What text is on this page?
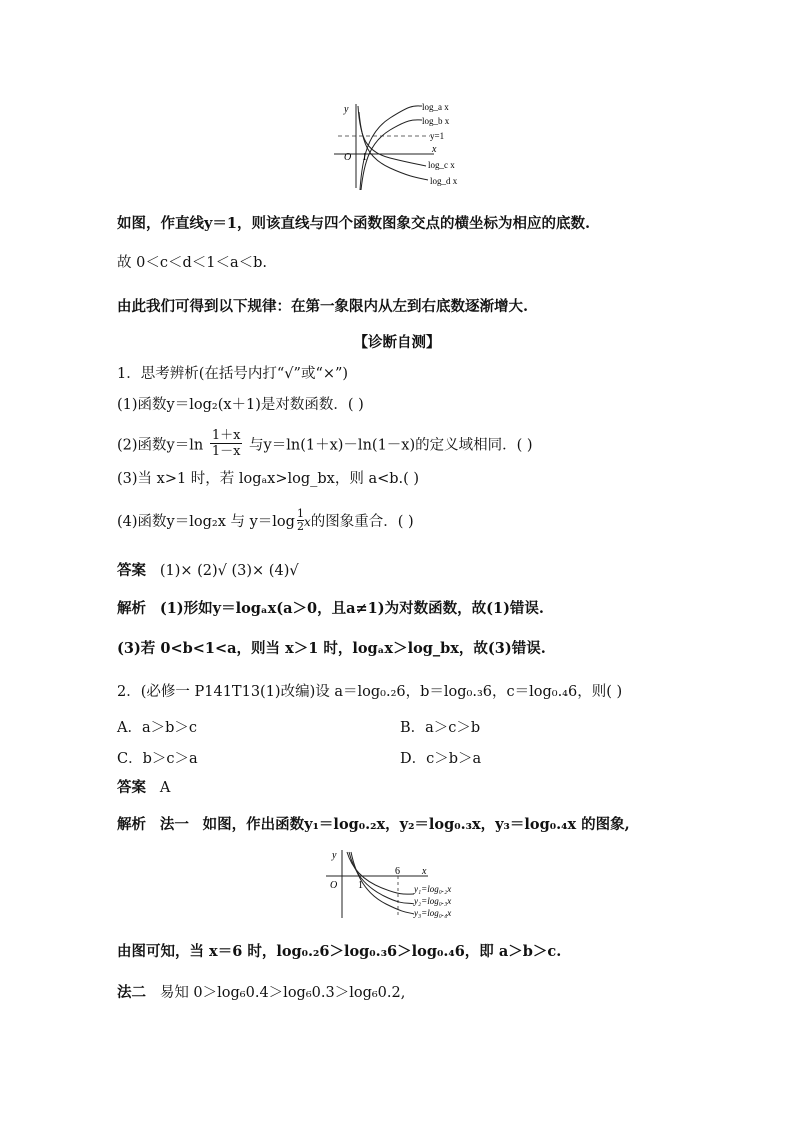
y
x
O 1
log_a x
log_b x
y=1
log_c x
log_d x
如图，作直线y＝1，则该直线与四个函数图象交点的横坐标为相应的底数.
故 0＜c＜d＜1＜a＜b.
由此我们可得到以下规律：在第一象限内从左到右底数逐渐增大.
【诊断自测】
1．思考辨析(在括号内打“√”或“×”)
(1)函数y＝log₂(x＋1)是对数函数．( )
(2)函数$y=\ln \frac{1+x}{1-x}$ 与y＝ln(1＋x)－ln(1－x)的定义域相同．( )
(3)当 x>1 时，若 logₐx>log_bx，则 a<b.( )
(4)函数y＝log₂x 与 $y=\log \frac{1}{2}$ x的图象重合．( )
答案 (1)× (2)√ (3)× (4)√
解析 (1)形如y＝logₐx(a＞0，且a≠1)为对数函数，故(1)错误.
(3)若 0<b<1<a，则当 x＞1 时，logₐx＞log_bx，故(3)错误.
2．(必修一 P141T13(1)改编)设 a＝log₀.₂6，b＝log₀.₃6，c＝log₀.₄6，则( )
A．a＞b＞c	B．a＞c＞b
C．b＞c＞a	D．c＞b＞a
答案 A
解析 法一 如图，作出函数y₁＝log₀.₂x，y₂＝log₀.₃x，y₃＝log₀.₄x 的图象,
y
x
O 1
6
y₁=log₀.₂x
y₂=log₀.₃x
y₃=log₀.₄x
由图可知，当 x＝6 时，log₀.₂6＞log₀.₃6＞log₀.₄6，即 a＞b＞c.
法二 易知 0＞log₆0.4＞log₆0.3＞log₆0.2,
